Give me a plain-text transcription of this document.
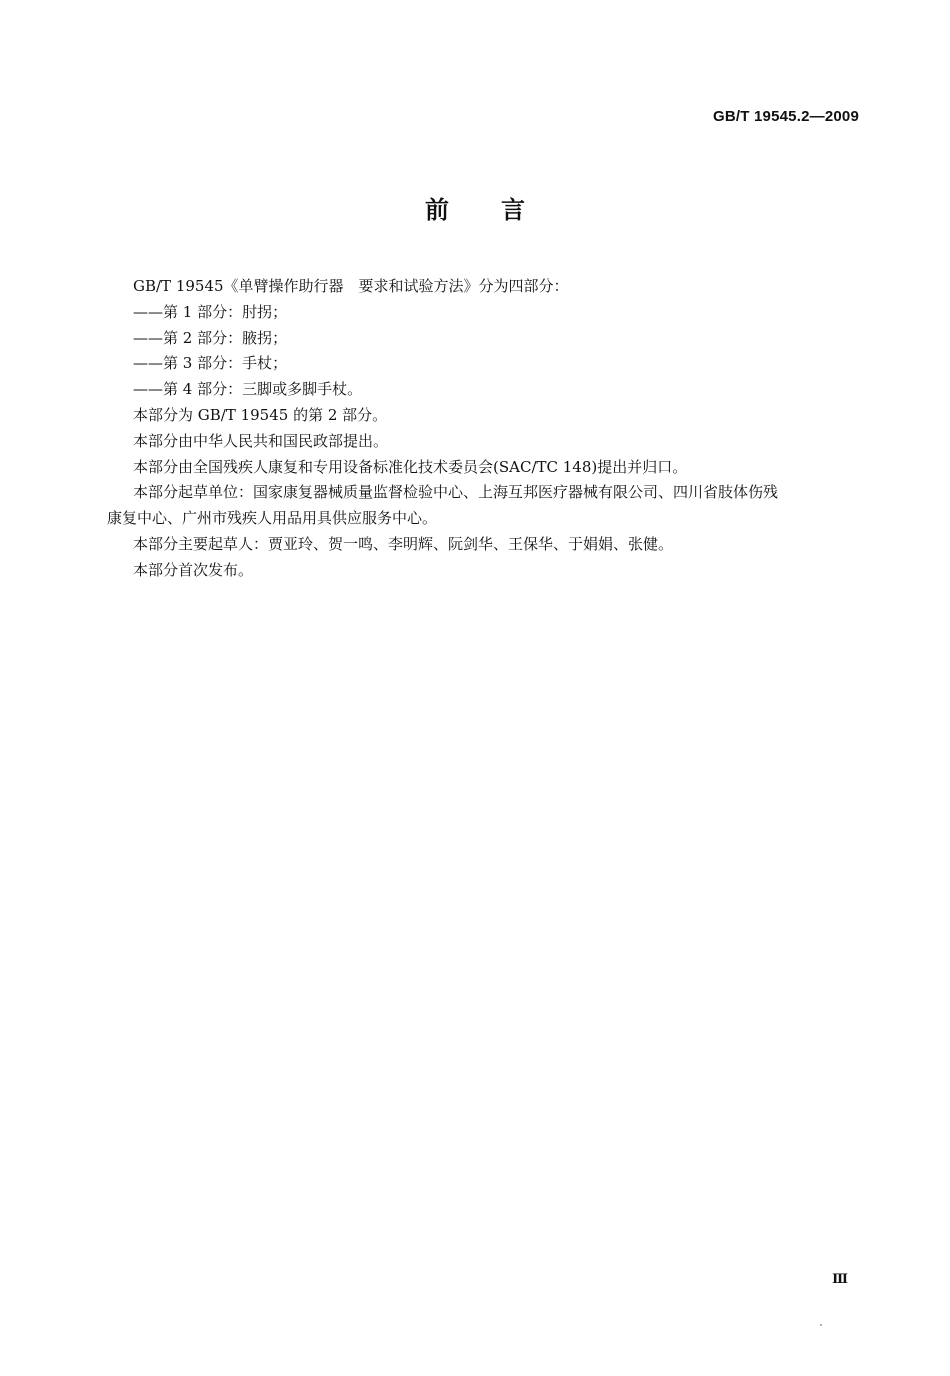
GB/T 19545.2—2009
前言

GB/T 19545《单臂操作助行器　要求和试验方法》分为四部分：

——第 1 部分：肘拐；

——第 2 部分：腋拐；

——第 3 部分：手杖；

——第 4 部分：三脚或多脚手杖。

本部分为 GB/T 19545 的第 2 部分。

本部分由中华人民共和国民政部提出。

本部分由全国残疾人康复和专用设备标准化技术委员会(SAC/TC 148)提出并归口。

本部分起草单位：国家康复器械质量监督检验中心、上海互邦医疗器械有限公司、四川省肢体伤残

康复中心、广州市残疾人用品用具供应服务中心。

本部分主要起草人：贾亚玲、贺一鸣、李明辉、阮剑华、王保华、于娟娟、张健。

本部分首次发布。

Ⅲ
